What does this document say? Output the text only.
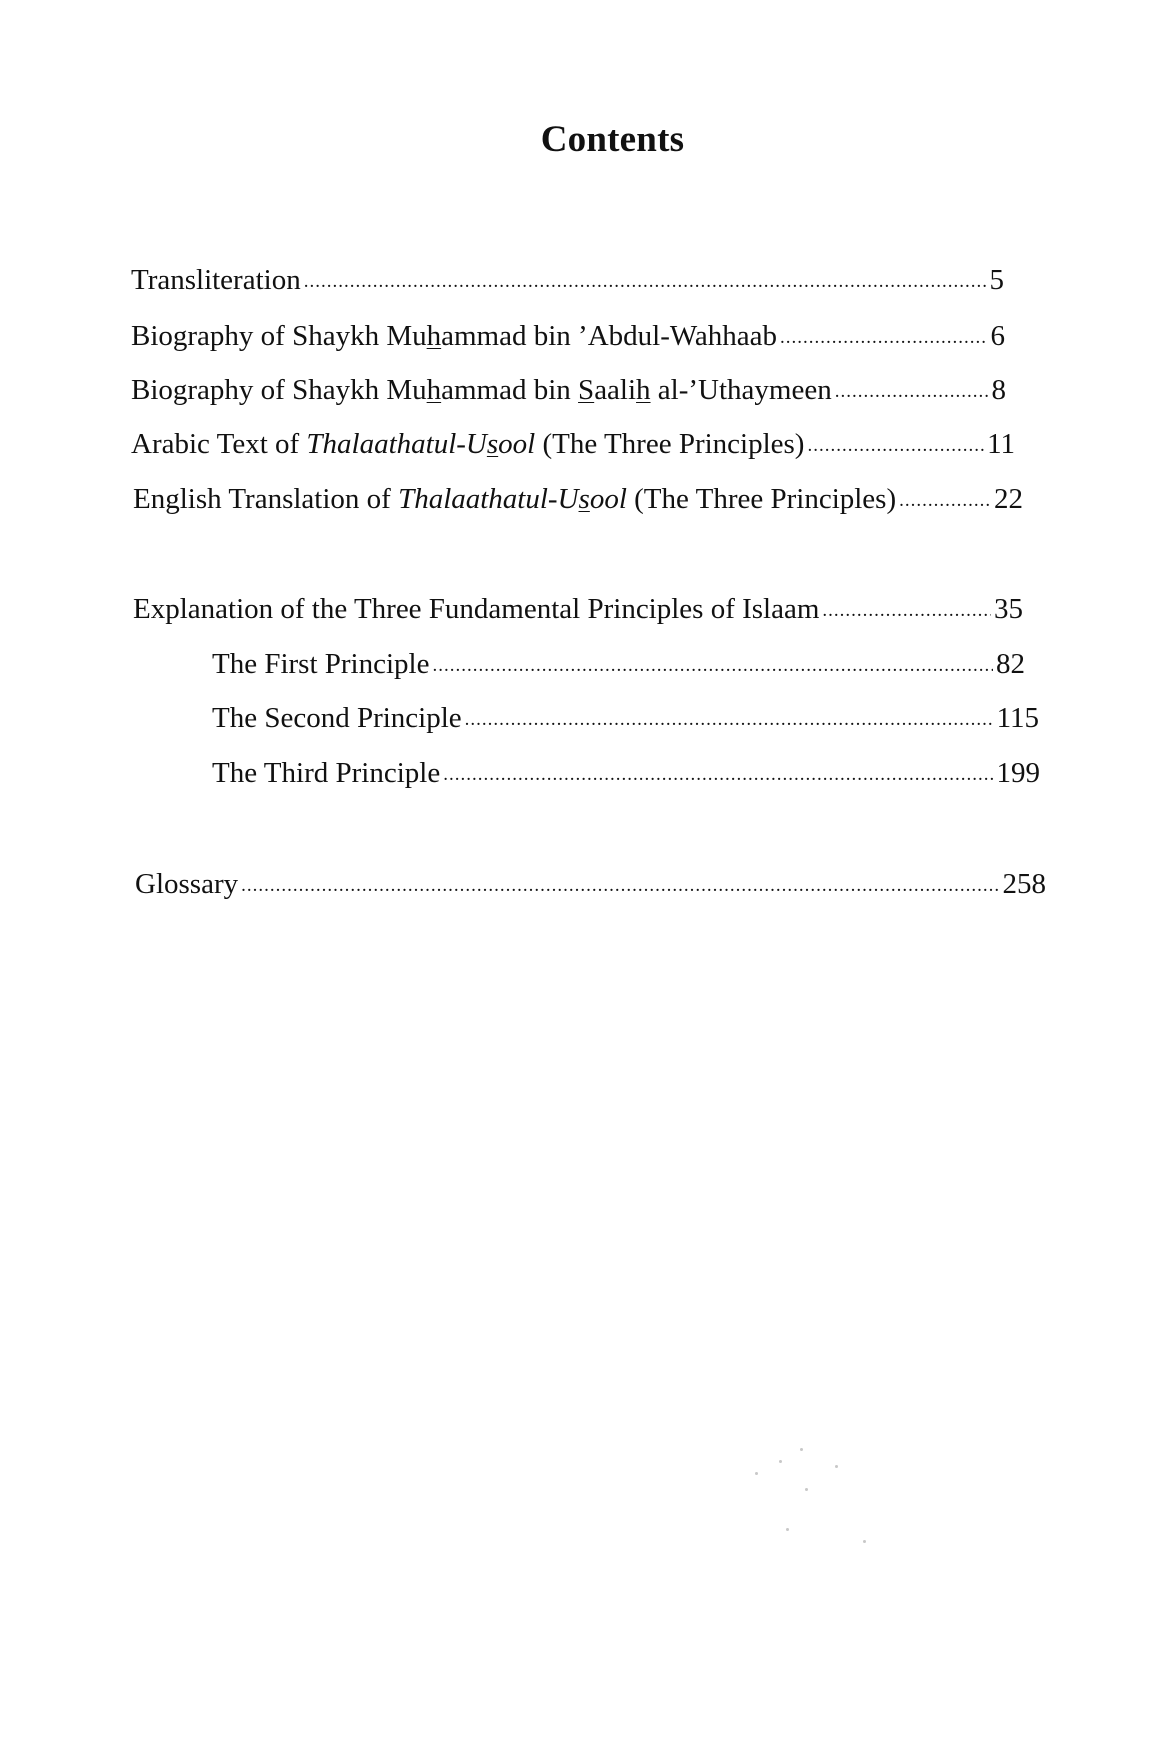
Contents
Transliteration .....	5
Biography of Shaykh Muhammad bin ’Abdul-Wahhaab .....	6
Biography of Shaykh Muhammad bin Saalih al-’Uthaymeen .....	8
Arabic Text of Thalaathatul-Usool (The Three Principles) .....	11
English Translation of Thalaathatul-Usool (The Three Principles) .....	22
Explanation of the Three Fundamental Principles of Islaam .....	35
The First Principle .....	82
The Second Principle .....	115
The Third Principle .....	199
Glossary .....	258
